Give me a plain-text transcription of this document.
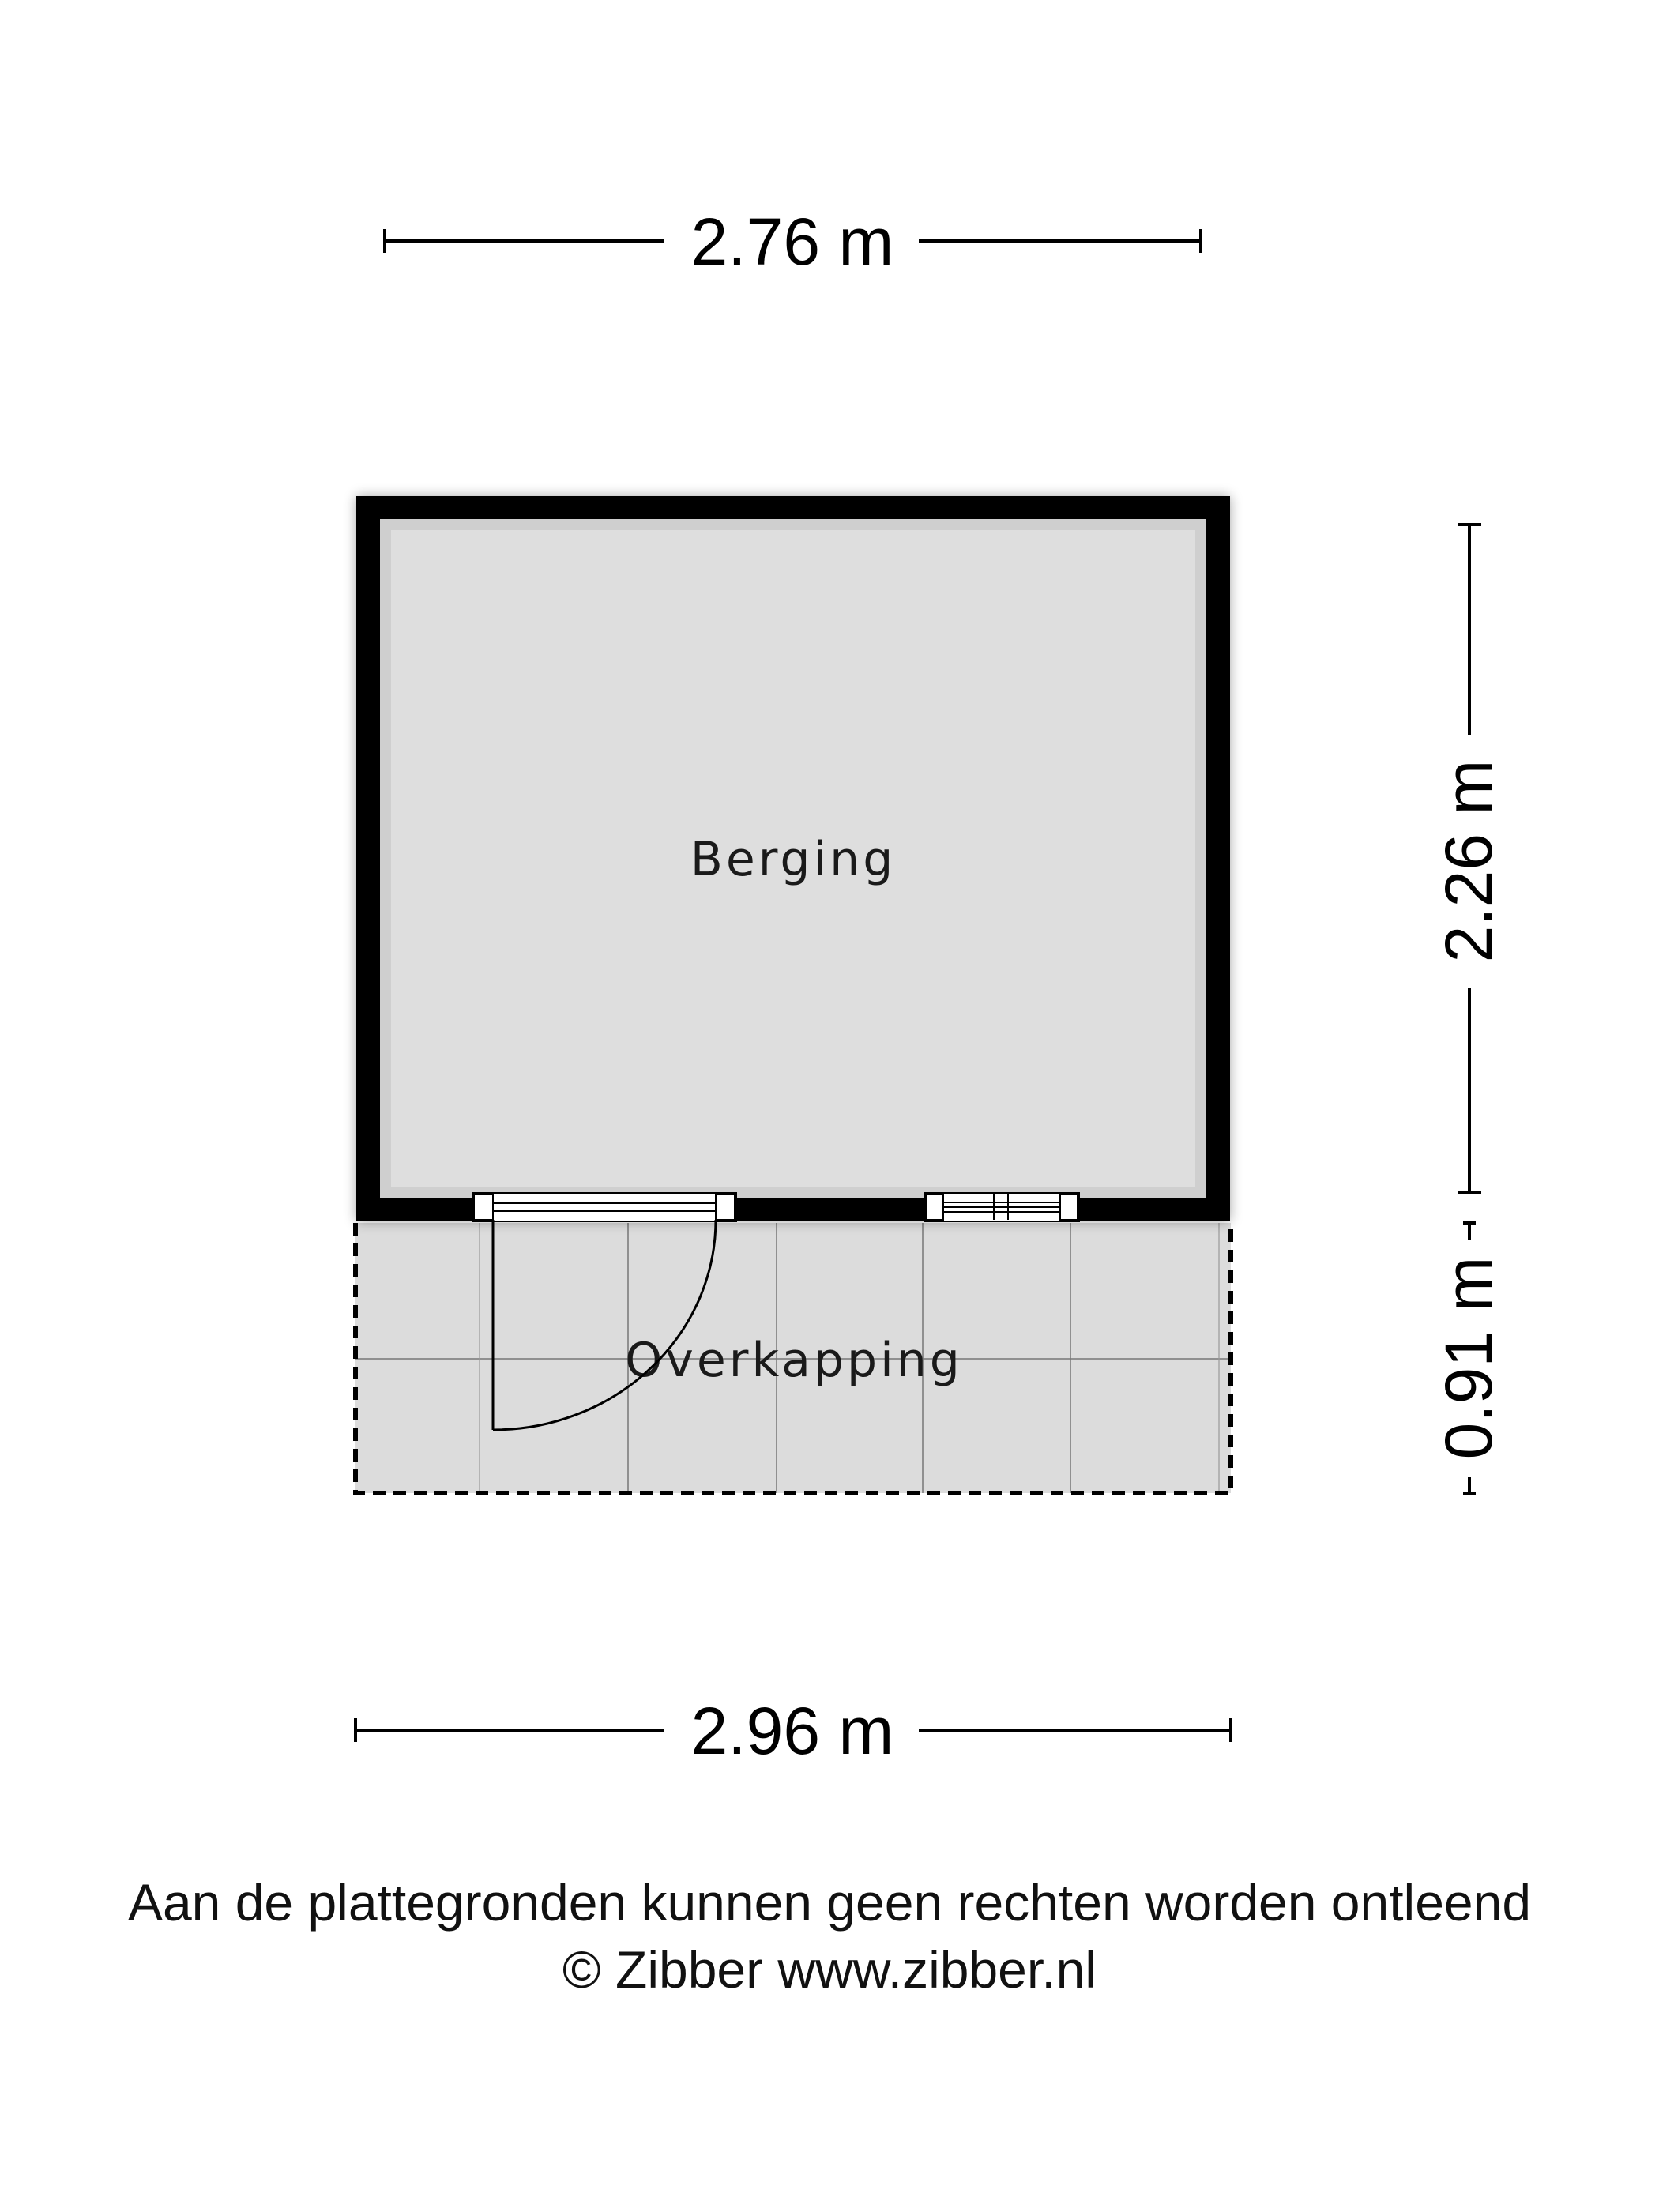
2.76 m
Overkapping
Berging	2.26 m
0.91 m
2.96 m
Aan de plattegronden kunnen geen rechten worden ontleend
© Zibber www.zibber.nl
